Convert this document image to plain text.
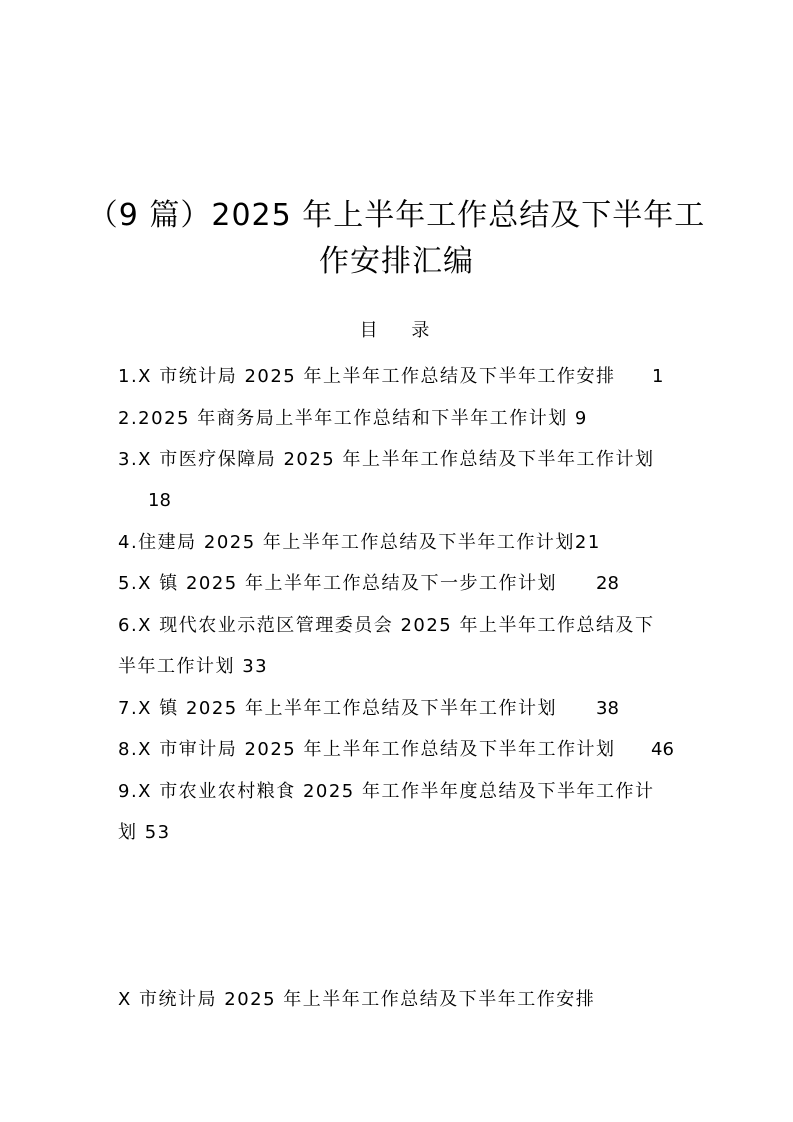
（9 篇）2025 年上半年工作总结及下半年工
作安排汇编
目 录
1.X 市统计局 2025 年上半年工作总结及下半年工作安排 1
2.2025 年商务局上半年工作总结和下半年工作计划 9
3.X 市医疗保障局 2025 年上半年工作总结及下半年工作计划
18
4.住建局 2025 年上半年工作总结及下半年工作计划21
5.X 镇 2025 年上半年工作总结及下一步工作计划 28
6.X 现代农业示范区管理委员会 2025 年上半年工作总结及下
半年工作计划 33
7.X 镇 2025 年上半年工作总结及下半年工作计划 38
8.X 市审计局 2025 年上半年工作总结及下半年工作计划 46
9.X 市农业农村粮食 2025 年工作半年度总结及下半年工作计
划 53
X 市统计局 2025 年上半年工作总结及下半年工作安排
